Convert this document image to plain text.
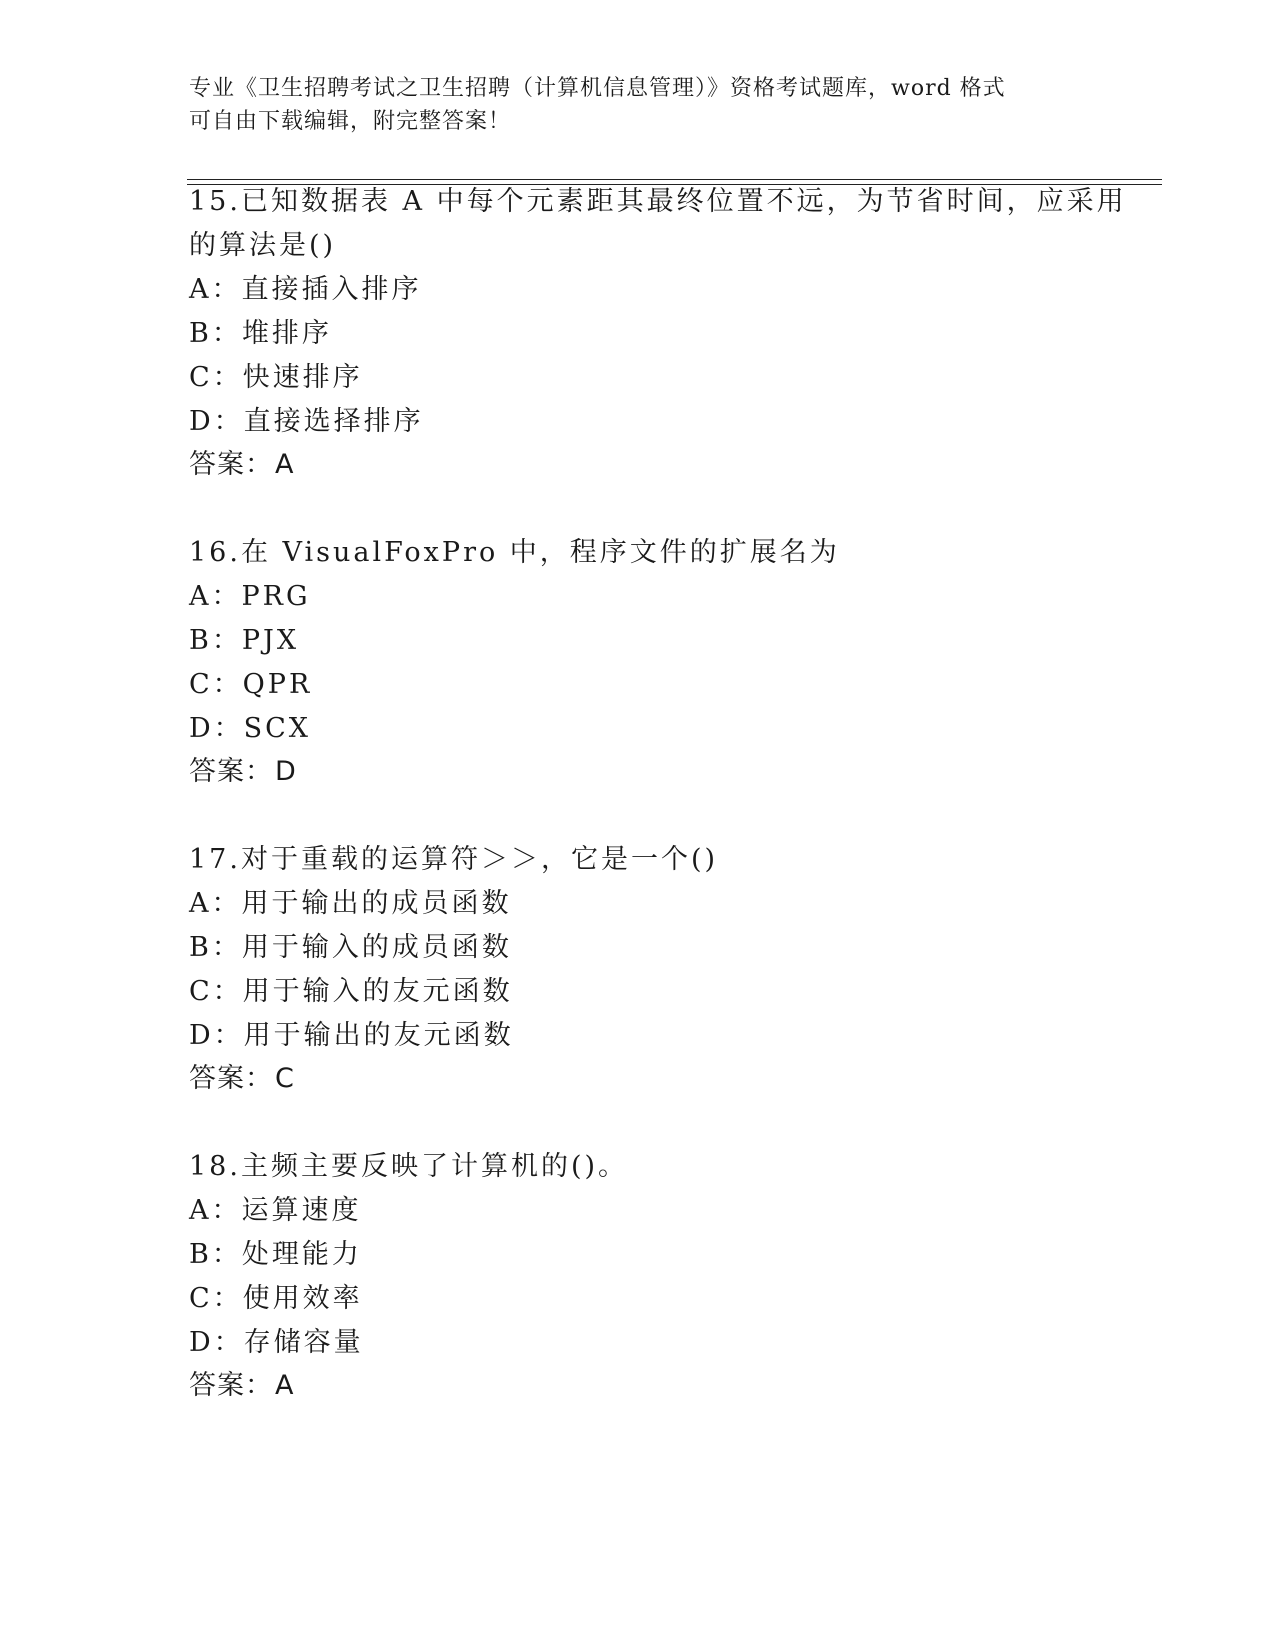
专业《卫生招聘考试之卫生招聘（计算机信息管理）》资格考试题库，word 格式
可自由下载编辑，附完整答案！
15.已知数据表 A 中每个元素距其最终位置不远，为节省时间，应采用
的算法是()
A：直接插入排序
B：堆排序
C：快速排序
D：直接选择排序
答案：A
16.在 VisualFoxPro 中，程序文件的扩展名为
A：PRG
B：PJX
C：QPR
D：SCX
答案：D
17.对于重载的运算符＞＞，它是一个()
A：用于输出的成员函数
B：用于输入的成员函数
C：用于输入的友元函数
D：用于输出的友元函数
答案：C
18.主频主要反映了计算机的()。
A：运算速度
B：处理能力
C：使用效率
D：存储容量
答案：A
